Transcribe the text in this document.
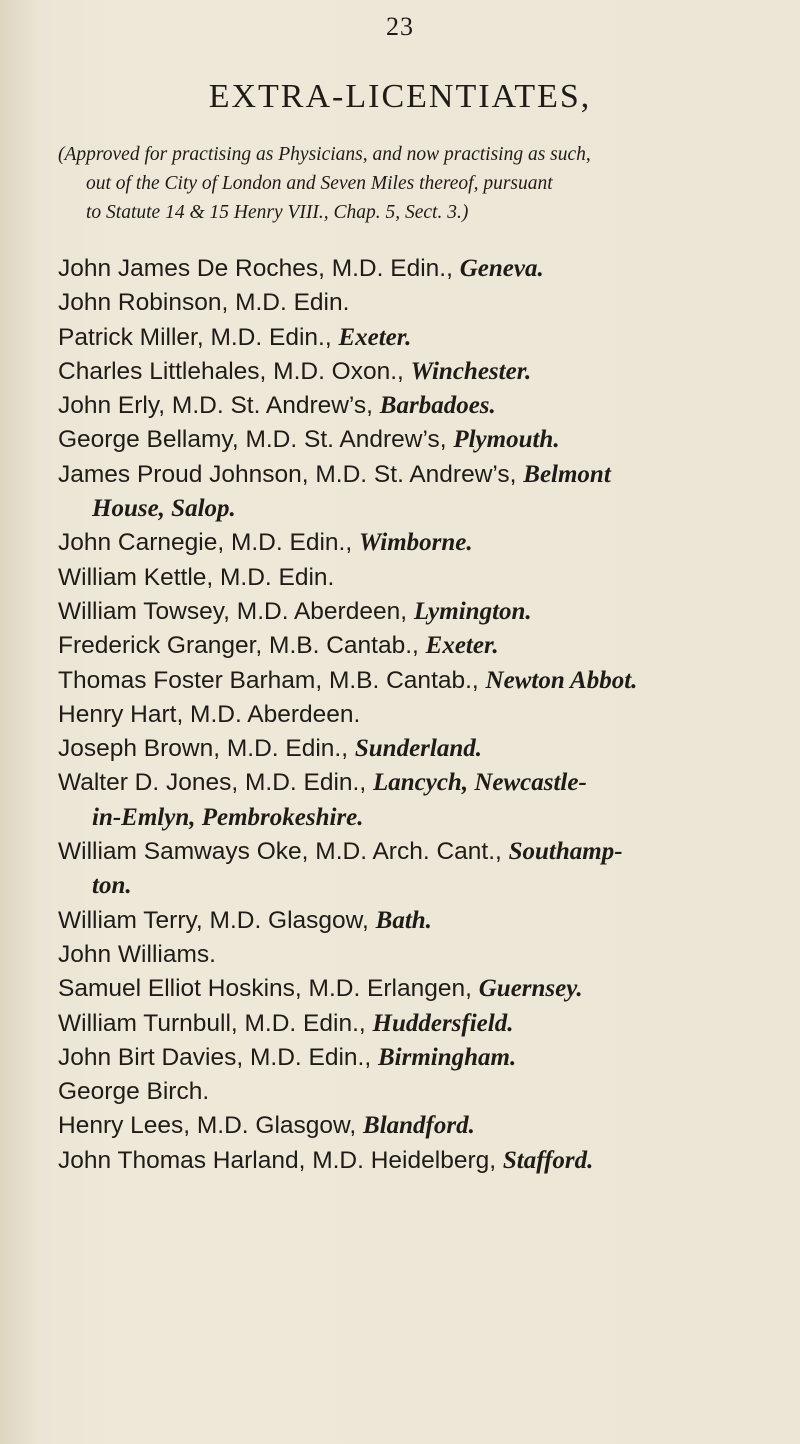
23
EXTRA-LICENTIATES,
(Approved for practising as Physicians, and now practising as such,
out of the City of London and Seven Miles thereof, pursuant
to Statute 14 & 15 Henry VIII., Chap. 5, Sect. 3.)
John James De Roches, M.D. Edin., Geneva.
John Robinson, M.D. Edin.
Patrick Miller, M.D. Edin., Exeter.
Charles Littlehales, M.D. Oxon., Winchester.
John Erly, M.D. St. Andrew’s, Barbadoes.
George Bellamy, M.D. St. Andrew’s, Plymouth.
James Proud Johnson, M.D. St. Andrew’s, Belmont
House, Salop.
John Carnegie, M.D. Edin., Wimborne.
William Kettle, M.D. Edin.
William Towsey, M.D. Aberdeen, Lymington.
Frederick Granger, M.B. Cantab., Exeter.
Thomas Foster Barham, M.B. Cantab., Newton Abbot.
Henry Hart, M.D. Aberdeen.
Joseph Brown, M.D. Edin., Sunderland.
Walter D. Jones, M.D. Edin., Lancych, Newcastle-
in-Emlyn, Pembrokeshire.
William Samways Oke, M.D. Arch. Cant., Southamp-
ton.
William Terry, M.D. Glasgow, Bath.
John Williams.
Samuel Elliot Hoskins, M.D. Erlangen, Guernsey.
William Turnbull, M.D. Edin., Huddersfield.
John Birt Davies, M.D. Edin., Birmingham.
George Birch.
Henry Lees, M.D. Glasgow, Blandford.
John Thomas Harland, M.D. Heidelberg, Stafford.
